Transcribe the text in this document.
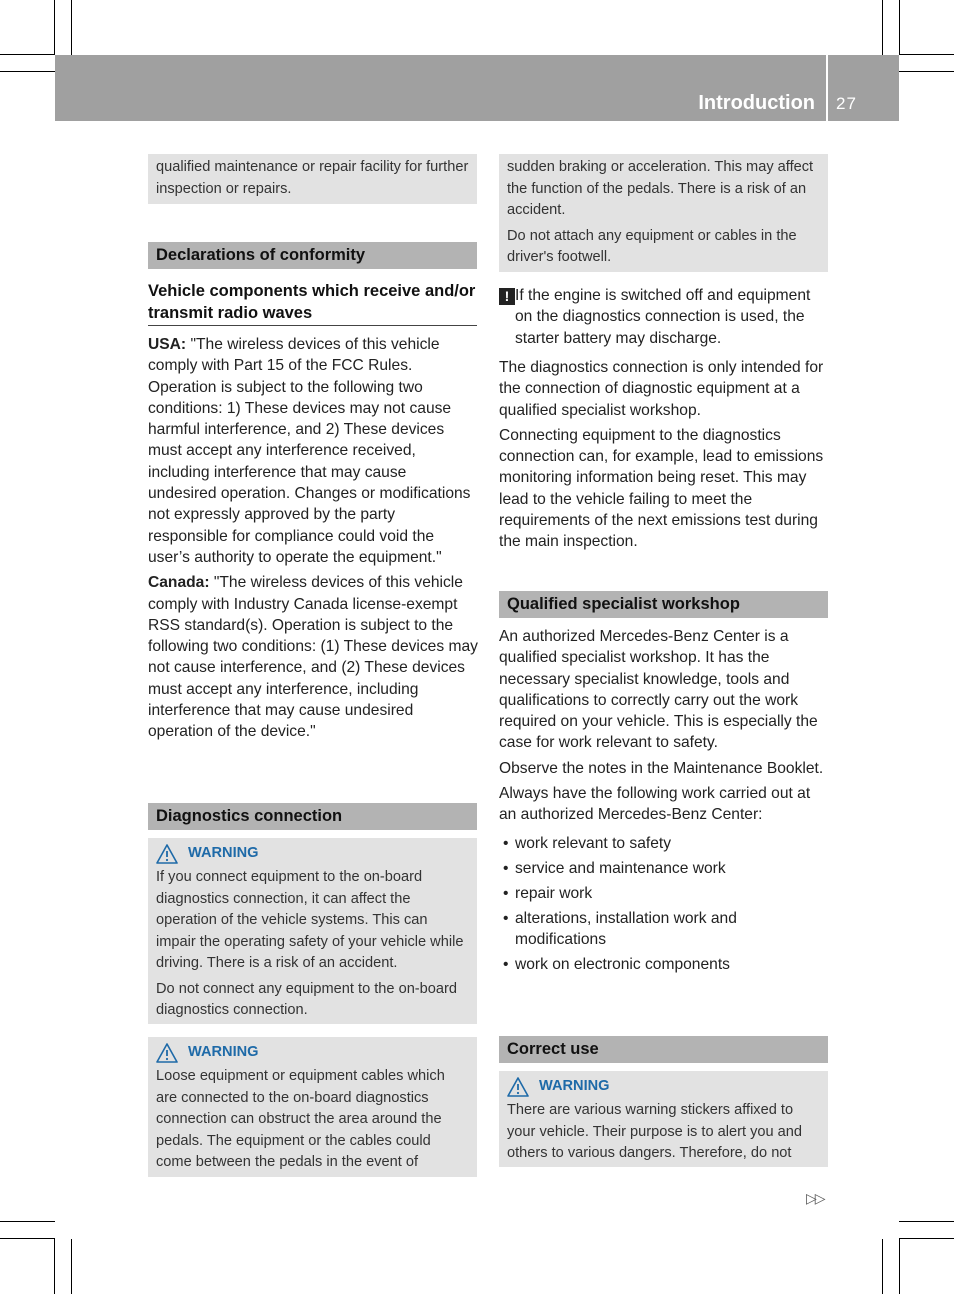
Introduction 27

qualified maintenance or repair facility for further inspection or repairs.

Declarations of conformity
Vehicle components which receive and/or transmit radio waves

USA: "The wireless devices of this vehicle comply with Part 15 of the FCC Rules. Operation is subject to the following two conditions: 1) These devices may not cause harmful interference, and 2) These devices must accept any interference received, including interference that may cause undesired operation. Changes or modifications not expressly approved by the party responsible for compliance could void the user’s authority to operate the equipment."

Canada: "The wireless devices of this vehicle comply with Industry Canada license-exempt RSS standard(s). Operation is subject to the following two conditions: (1) These devices may not cause interference, and (2) These devices must accept any interference, including interference that may cause undesired operation of the device."

Diagnostics connection
WARNING

If you connect equipment to the on-board diagnostics connection, it can affect the operation of the vehicle systems. This can impair the operating safety of your vehicle while driving. There is a risk of an accident.

Do not connect any equipment to the on-board diagnostics connection.

WARNING

Loose equipment or equipment cables which are connected to the on-board diagnostics connection can obstruct the area around the pedals. The equipment or the cables could come between the pedals in the event of

sudden braking or acceleration. This may affect the function of the pedals. There is a risk of an accident.

Do not attach any equipment or cables in the driver's footwell.

! If the engine is switched off and equipment on the diagnostics connection is used, the starter battery may discharge.

The diagnostics connection is only intended for the connection of diagnostic equipment at a qualified specialist workshop.

Connecting equipment to the diagnostics connection can, for example, lead to emissions monitoring information being reset. This may lead to the vehicle failing to meet the requirements of the next emissions test during the main inspection.

Qualified specialist workshop

An authorized Mercedes-Benz Center is a qualified specialist workshop. It has the necessary specialist knowledge, tools and qualifications to correctly carry out the work required on your vehicle. This is especially the case for work relevant to safety.

Observe the notes in the Maintenance Booklet.

Always have the following work carried out at an authorized Mercedes-Benz Center:

• work relevant to safety
• service and maintenance work
• repair work
• alterations, installation work and modifications
• work on electronic components
Correct use
WARNING

There are various warning stickers affixed to your vehicle. Their purpose is to alert you and others to various dangers. Therefore, do not

▷▷
